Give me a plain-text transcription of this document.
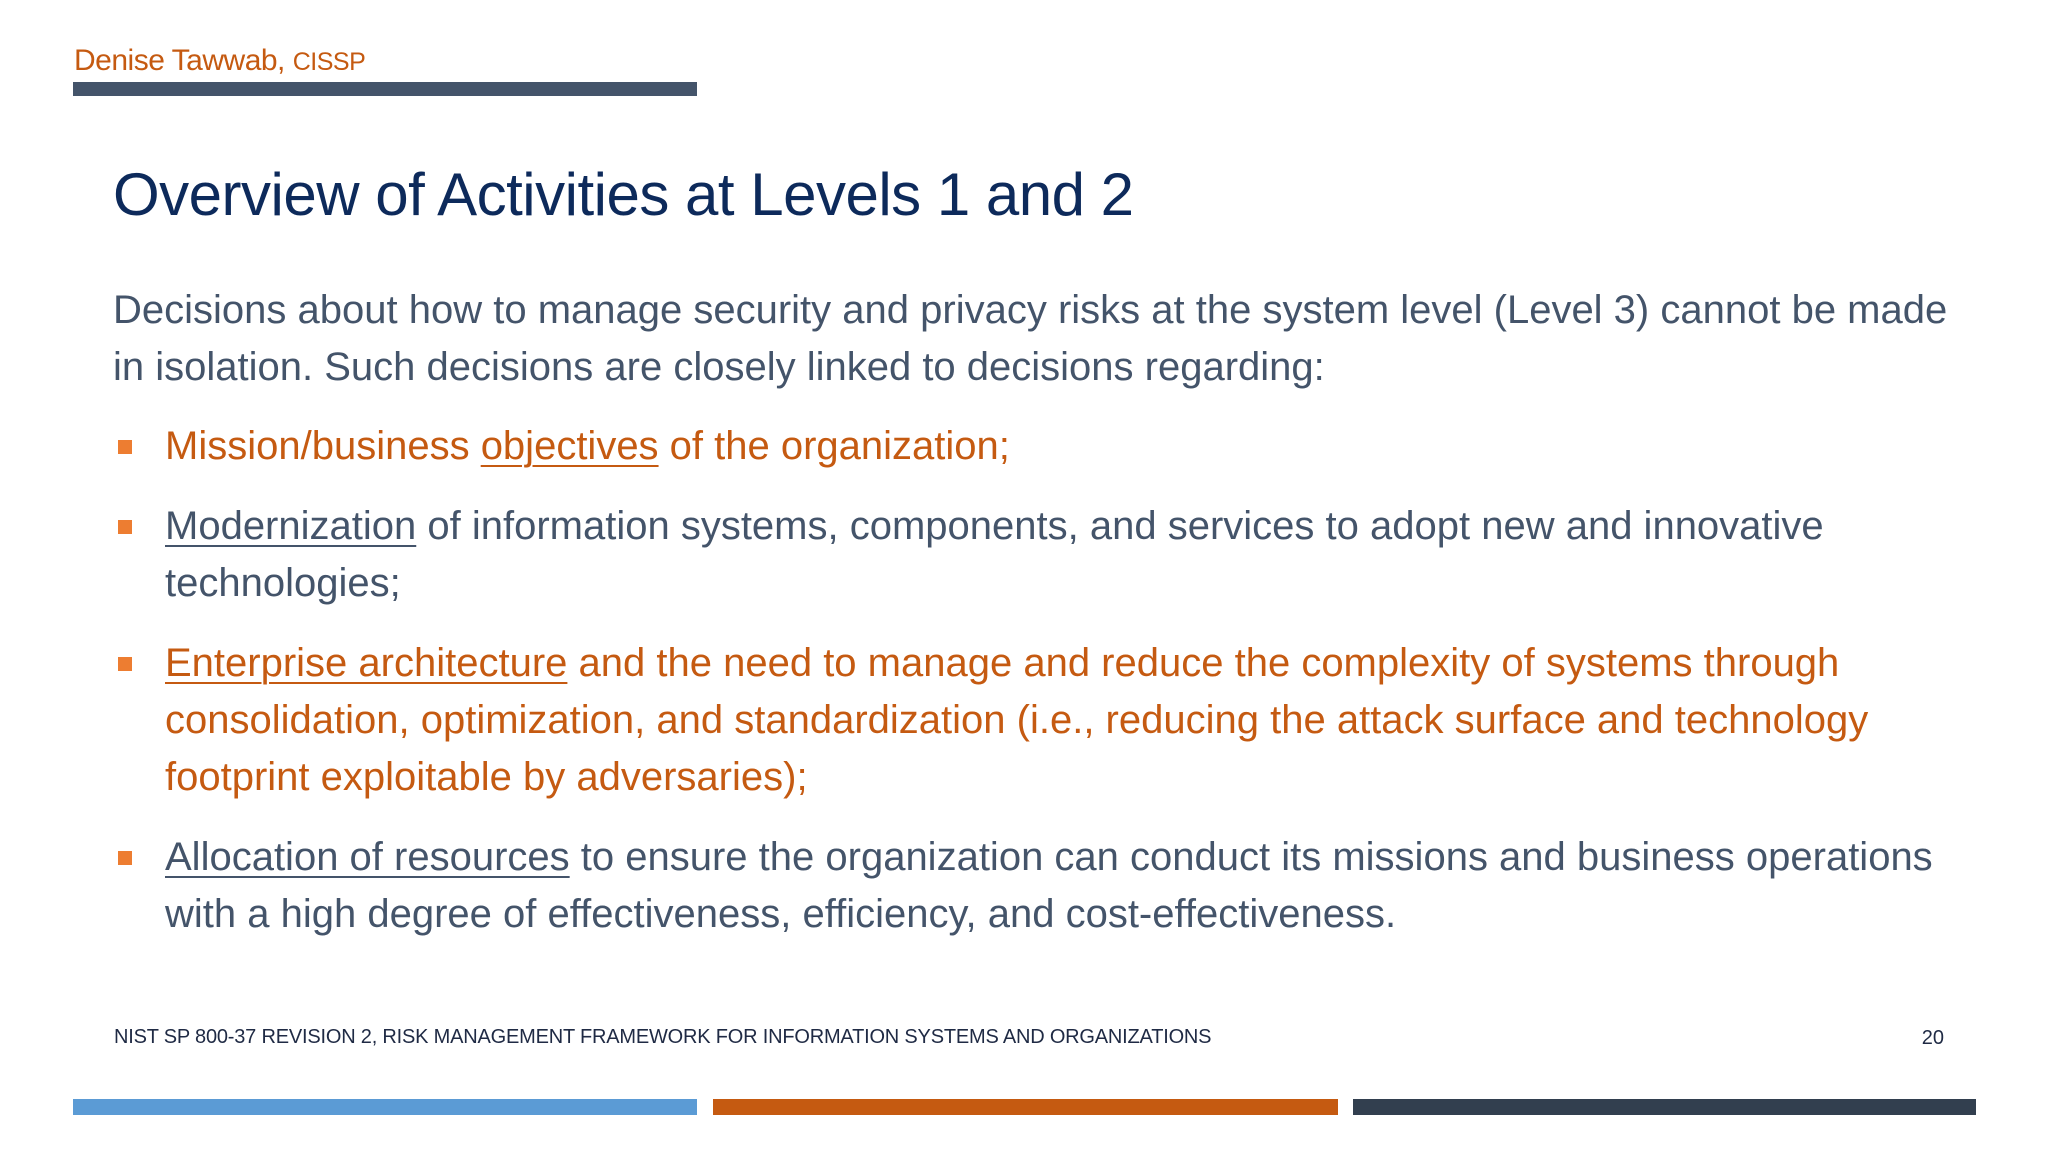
Denise Tawwab, CISSP
Overview of Activities at Levels 1 and 2

Decisions about how to manage security and privacy risks at the system level (Level 3) cannot be made in isolation. Such decisions are closely linked to decisions regarding:

Mission/business objectives of the organization;
Modernization of information systems, components, and services to adopt new and innovative technologies;
Enterprise architecture and the need to manage and reduce the complexity of systems through consolidation, optimization, and standardization (i.e., reducing the attack surface and technology footprint exploitable by adversaries);
Allocation of resources to ensure the organization can conduct its missions and business operations with a high degree of effectiveness, efficiency, and cost-effectiveness.
NIST SP 800-37 REVISION 2, RISK MANAGEMENT FRAMEWORK FOR INFORMATION SYSTEMS AND ORGANIZATIONS	20
